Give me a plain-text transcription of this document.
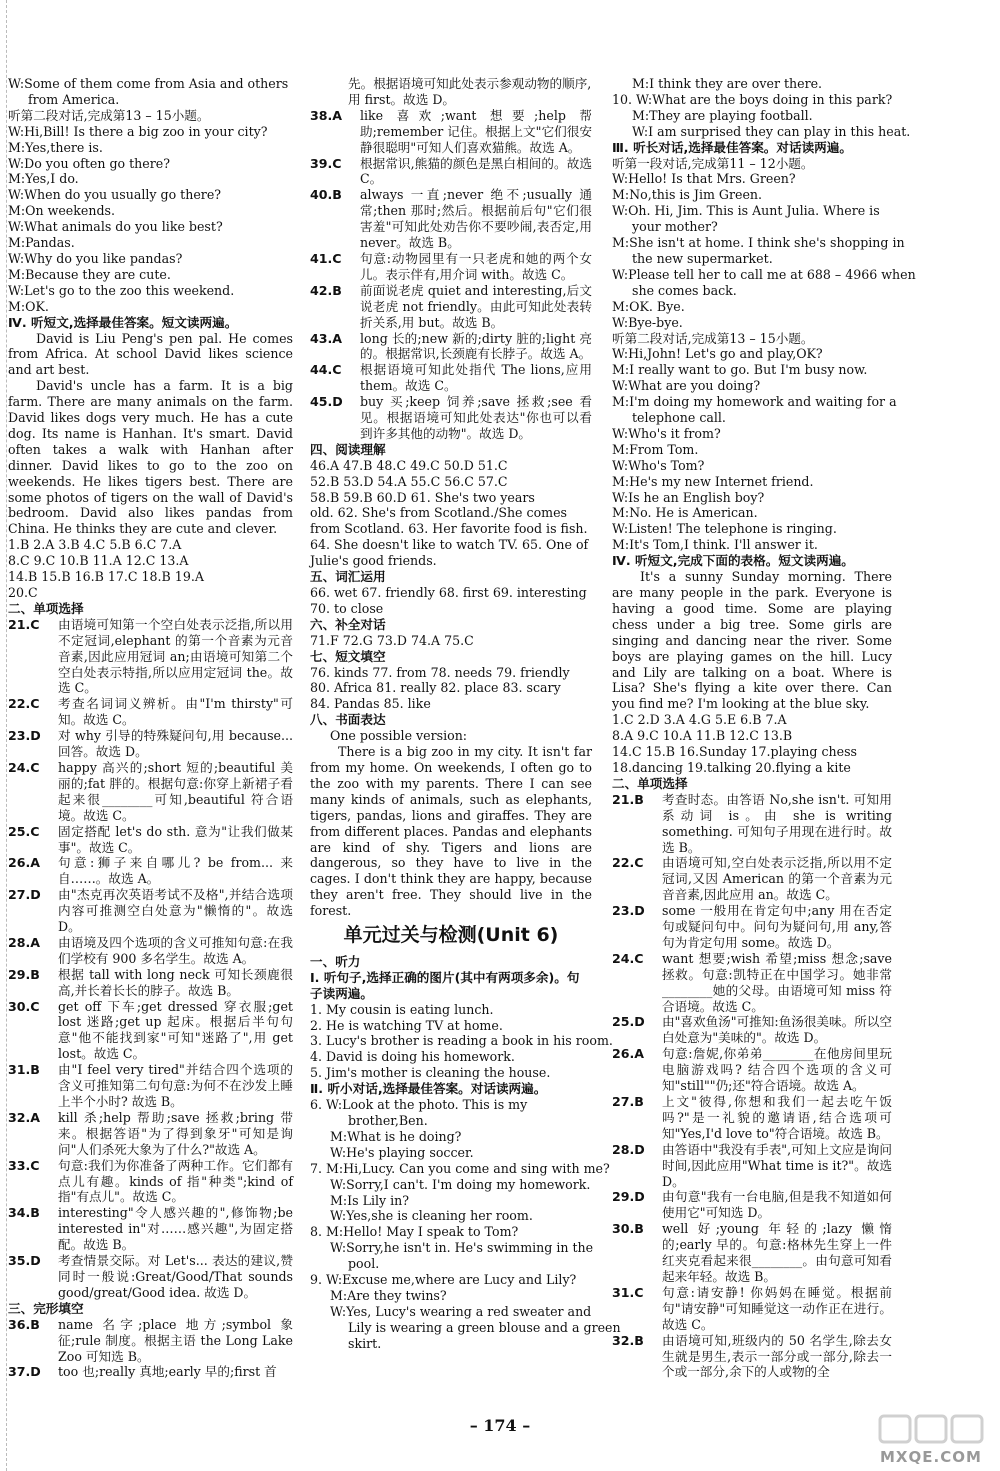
W:Some of them come from Asia and others
from America.
听第二段对话,完成第13 – 15小题。
W:Hi,Bill! Is there a big zoo in your city?
M:Yes,there is.
W:Do you often go there?
M:Yes,I do.
W:When do you usually go there?
M:On weekends.
W:What animals do you like best?
M:Pandas.
W:Why do you like pandas?
M:Because they are cute.
W:Let's go to the zoo this weekend.
M:OK.
Ⅳ. 听短文,选择最佳答案。短文读两遍。
David is Liu Peng's pen pal. He comes from Africa. At school David likes science and art best.
David's uncle has a farm. It is a big farm. There are many animals on the farm. David likes dogs very much. He has a cute dog. Its name is Hanhan. It's smart. David often takes a walk with Hanhan after dinner. David likes to go to the zoo on weekends. He likes tigers best. There are some photos of tigers on the wall of David's bedroom. David also likes pandas from China. He thinks they are cute and clever.
1.B 2.A 3.B 4.C 5.B 6.C 7.A
8.C 9.C 10.B 11.A 12.C 13.A
14.B 15.B 16.B 17.C 18.B 19.A
20.C
二、单项选择
21.C	由语境可知第一个空白处表示泛指,所以用不定冠词,elephant 的第一个音素为元音音素,因此应用冠词 an;由语境可知第二个空白处表示特指,所以应用定冠词 the。故选 C。
22.C	考查名词词义辨析。由"I'm thirsty"可知。故选 C。
23.D	对 why 引导的特殊疑问句,用 because...回答。故选 D。
24.C	happy 高兴的;short 短的;beautiful 美丽的;fat 胖的。根据句意:你穿上新裙子看起来很________可知,beautiful 符合语境。故选 C。
25.C	固定搭配 let's do sth. 意为"让我们做某事"。故选 C。
26.A	句意:狮子来自哪儿? be from... 来自……。故选 A。
27.D	由"杰克再次英语考试不及格",并结合选项内容可推测空白处意为"懒惰的"。故选 D。
28.A	由语境及四个选项的含义可推知句意:在我们学校有 900 多名学生。故选 A。
29.B	根据 tall with long neck 可知长颈鹿很高,并长着长长的脖子。故选 B。
30.C	get off 下车;get dressed 穿衣服;get lost 迷路;get up 起床。根据后半句句意"他不能找到家"可知"迷路了",用 get lost。故选 C。
31.B	由"I feel very tired"并结合四个选项的含义可推知第二句句意:为何不在沙发上睡上半个小时? 故选 B。
32.A	kill 杀;help 帮助;save 拯救;bring 带来。根据答语"为了得到象牙"可知是询问"人们杀死大象为了什么?"故选 A。
33.C	句意:我们为你准备了两种工作。它们都有点儿有趣。kinds of 指"种类";kind of 指"有点儿"。故选 C。
34.B	interesting"令人感兴趣的",修饰物;be interested in"对……感兴趣",为固定搭配。故选 B。
35.D	考查情景交际。对 Let's... 表达的建议,赞同时一般说:Great/Good/That sounds good/great/Good idea. 故选 D。
三、完形填空
36.B	name 名字;place 地方;symbol 象征;rule 制度。根据主语 the Long Lake Zoo 可知选 B。
37.D	too 也;really 真地;early 早的;first 首
先。根据语境可知此处表示参观动物的顺序,用 first。故选 D。
38.A	like 喜欢;want 想要;help 帮助;remember 记住。根据上文"它们很安静很聪明"可知人们喜欢猫熊。故选 A。
39.C	根据常识,熊猫的颜色是黑白相间的。故选 C。
40.B	always 一直;never 绝不;usually 通常;then 那时;然后。根据前后句"它们很害羞"可知此处劝告你不要吵闹,表否定,用 never。故选 B。
41.C	句意:动物园里有一只老虎和她的两个女儿。表示伴有,用介词 with。故选 C。
42.B	前面说老虎 quiet and interesting,后文说老虎 not friendly。由此可知此处表转折关系,用 but。故选 B。
43.A	long 长的;new 新的;dirty 脏的;light 亮的。根据常识,长颈鹿有长脖子。故选 A。
44.C	根据语境可知此处指代 The lions,应用 them。故选 C。
45.D	buy 买;keep 饲养;save 拯救;see 看见。根据语境可知此处表达"你也可以看到许多其他的动物"。故选 D。
四、阅读理解
46.A 47.B 48.C 49.C 50.D 51.C
52.B 53.D 54.A 55.C 56.C 57.C
58.B 59.B 60.D 61. She's two years
old. 62. She's from Scotland./She comes
from Scotland. 63. Her favorite food is fish.
64. She doesn't like to watch TV. 65. One of
Julie's good friends.
五、词汇运用
66. wet 67. friendly 68. first 69. interesting
70. to close
六、补全对话
71.F 72.G 73.D 74.A 75.C
七、短文填空
76. kinds 77. from 78. needs 79. friendly
80. Africa 81. really 82. place 83. scary
84. Pandas 85. like
八、书面表达
One possible version:
There is a big zoo in my city. It isn't far from my home. On weekends, I often go to the zoo with my parents. There I can see many kinds of animals, such as elephants, tigers, pandas, lions and giraffes. They are from different places. Pandas and elephants are kind of shy. Tigers and lions are dangerous, so they have to live in the cages. I don't think they are happy, because they aren't free. They should live in the forest.
单元过关与检测(Unit 6)
一、听力
Ⅰ. 听句子,选择正确的图片(其中有两项多余)。句子读两遍。
1. My cousin is eating lunch.
2. He is watching TV at home.
3. Lucy's brother is reading a book in his room.
4. David is doing his homework.
5. Jim's mother is cleaning the house.
Ⅱ. 听小对话,选择最佳答案。对话读两遍。
6. W:Look at the photo. This is my
brother,Ben.
M:What is he doing?
W:He's playing soccer.
7. M:Hi,Lucy. Can you come and sing with me?
W:Sorry,I can't. I'm doing my homework.
M:Is Lily in?
W:Yes,she is cleaning her room.
8. M:Hello! May I speak to Tom?
W:Sorry,he isn't in. He's swimming in the
pool.
9. W:Excuse me,where are Lucy and Lily?
M:Are they twins?
W:Yes, Lucy's wearing a red sweater and
Lily is wearing a green blouse and a green
skirt.
M:I think they are over there.
10. W:What are the boys doing in this park?
M:They are playing football.
W:I am surprised they can play in this heat.
Ⅲ. 听长对话,选择最佳答案。对话读两遍。
听第一段对话,完成第11 – 12小题。
W:Hello! Is that Mrs. Green?
M:No,this is Jim Green.
W:Oh. Hi, Jim. This is Aunt Julia. Where is
your mother?
M:She isn't at home. I think she's shopping in
the new supermarket.
W:Please tell her to call me at 688 – 4966 when
she comes back.
M:OK. Bye.
W:Bye-bye.
听第二段对话,完成第13 – 15小题。
W:Hi,John! Let's go and play,OK?
M:I really want to go. But I'm busy now.
W:What are you doing?
M:I'm doing my homework and waiting for a
telephone call.
W:Who's it from?
M:From Tom.
W:Who's Tom?
M:He's my new Internet friend.
W:Is he an English boy?
M:No. He is American.
W:Listen! The telephone is ringing.
M:It's Tom,I think. I'll answer it.
Ⅳ. 听短文,完成下面的表格。短文读两遍。
It's a sunny Sunday morning. There are many people in the park. Everyone is having a good time. Some are playing chess under a big tree. Some girls are singing and dancing near the river. Some boys are playing games on the hill. Lucy and Lily are talking on a boat. Where is Lisa? She's flying a kite over there. Can you find me? I'm looking at the blue sky.
1.C 2.D 3.A 4.G 5.E 6.B 7.A
8.A 9.C 10.A 11.B 12.C 13.B
14.C 15.B 16.Sunday 17.playing chess
18.dancing 19.talking 20.flying a kite
二、单项选择
21.B	考查时态。由答语 No,she isn't. 可知用系动词 is。由 she is writing something. 可知句子用现在进行时。故选 B。
22.C	由语境可知,空白处表示泛指,所以用不定冠词,又因 American 的第一个音素为元音音素,因此应用 an。故选 C。
23.D	some 一般用在肯定句中;any 用在否定句或疑问句中。问句为疑问句,用 any,答句为肯定句用 some。故选 D。
24.C	want 想要;wish 希望;miss 想念;save 拯救。句意:凯特正在中国学习。她非常________她的父母。由语境可知 miss 符合语境。故选 C。
25.D	由"喜欢鱼汤"可推知:鱼汤很美味。所以空白处意为"美味的"。故选 D。
26.A	句意:詹妮,你弟弟________在他房间里玩电脑游戏吗? 结合四个选项的含义可知"still""仍;还"符合语境。故选 A。
27.B	上文"彼得,你想和我们一起去吃午饭吗?"是一礼貌的邀请语,结合选项可知"Yes,I'd love to"符合语境。故选 B。
28.D	由答语中"我没有手表",可知上文应是询问时间,因此应用"What time is it?"。故选 D。
29.D	由句意"我有一台电脑,但是我不知道如何使用它"可知选 D。
30.B	well 好;young 年轻的;lazy 懒惰的;early 早的。句意:格林先生穿上一件红夹克看起来很________。由句意可知看起来年轻。故选 B。
31.C	句意:请安静! 你妈妈在睡觉。根据前句"请安静"可知睡觉这一动作正在进行。故选 C。
32.B	由语境可知,班级内的 50 名学生,除去女生就是男生,表示一部分或一部分,除去一个或一部分,余下的人或物的全
– 174 –
MXQE.COM
